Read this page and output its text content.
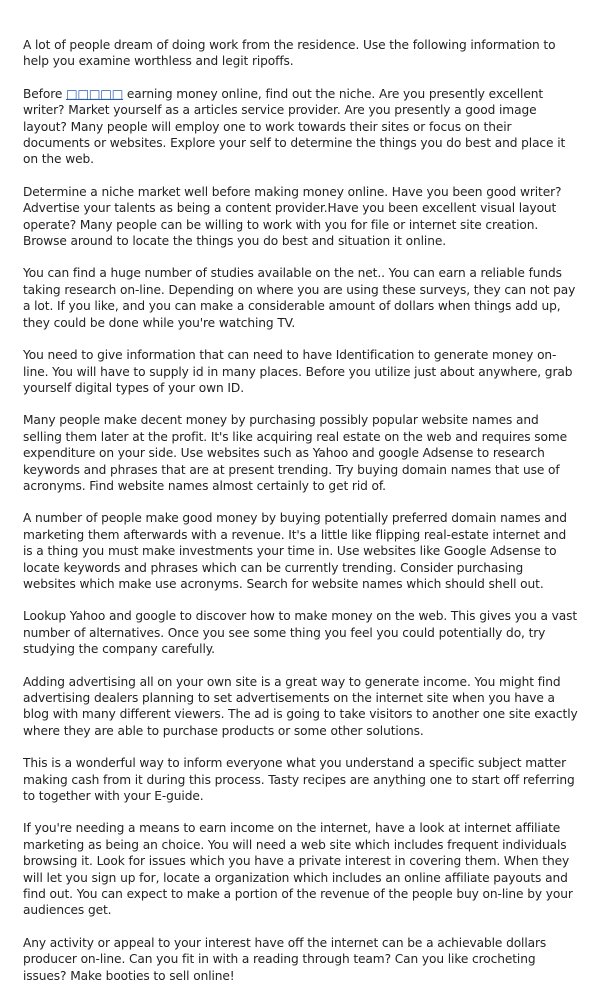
A lot of people dream of doing work from the residence. Use the following information to help you examine worthless and legit ripoffs.

Before □□□□□ earning money online, find out the niche. Are you presently excellent writer? Market yourself as a articles service provider. Are you presently a good image layout? Many people will employ one to work towards their sites or focus on their documents or websites. Explore your self to determine the things you do best and place it on the web.

Determine a niche market well before making money online. Have you been good writer? Advertise your talents as being a content provider.Have you been excellent visual layout operate? Many people can be willing to work with you for file or internet site creation. Browse around to locate the things you do best and situation it online.

You can find a huge number of studies available on the net.. You can earn a reliable funds taking research on-line. Depending on where you are using these surveys, they can not pay a lot. If you like, and you can make a considerable amount of dollars when things add up, they could be done while you're watching TV.

You need to give information that can need to have Identification to generate money on-line. You will have to supply id in many places. Before you utilize just about anywhere, grab yourself digital types of your own ID.

Many people make decent money by purchasing possibly popular website names and selling them later at the profit. It's like acquiring real estate on the web and requires some expenditure on your side. Use websites such as Yahoo and google Adsense to research keywords and phrases that are at present trending. Try buying domain names that use of acronyms. Find website names almost certainly to get rid of.

A number of people make good money by buying potentially preferred domain names and marketing them afterwards with a revenue. It's a little like flipping real-estate internet and is a thing you must make investments your time in. Use websites like Google Adsense to locate keywords and phrases which can be currently trending. Consider purchasing websites which make use acronyms. Search for website names which should shell out.

Lookup Yahoo and google to discover how to make money on the web. This gives you a vast number of alternatives. Once you see some thing you feel you could potentially do, try studying the company carefully.

Adding advertising all on your own site is a great way to generate income. You might find advertising dealers planning to set advertisements on the internet site when you have a blog with many different viewers. The ad is going to take visitors to another one site exactly where they are able to purchase products or some other solutions.

This is a wonderful way to inform everyone what you understand a specific subject matter making cash from it during this process. Tasty recipes are anything one to start off referring to together with your E-guide.

If you're needing a means to earn income on the internet, have a look at internet affiliate marketing as being an choice. You will need a web site which includes frequent individuals browsing it. Look for issues which you have a private interest in covering them. When they will let you sign up for, locate a organization which includes an online affiliate payouts and find out. You can expect to make a portion of the revenue of the people buy on-line by your audiences get.

Any activity or appeal to your interest have off the internet can be a achievable dollars producer on-line. Can you fit in with a reading through team? Can you like crocheting issues? Make booties to sell online!
